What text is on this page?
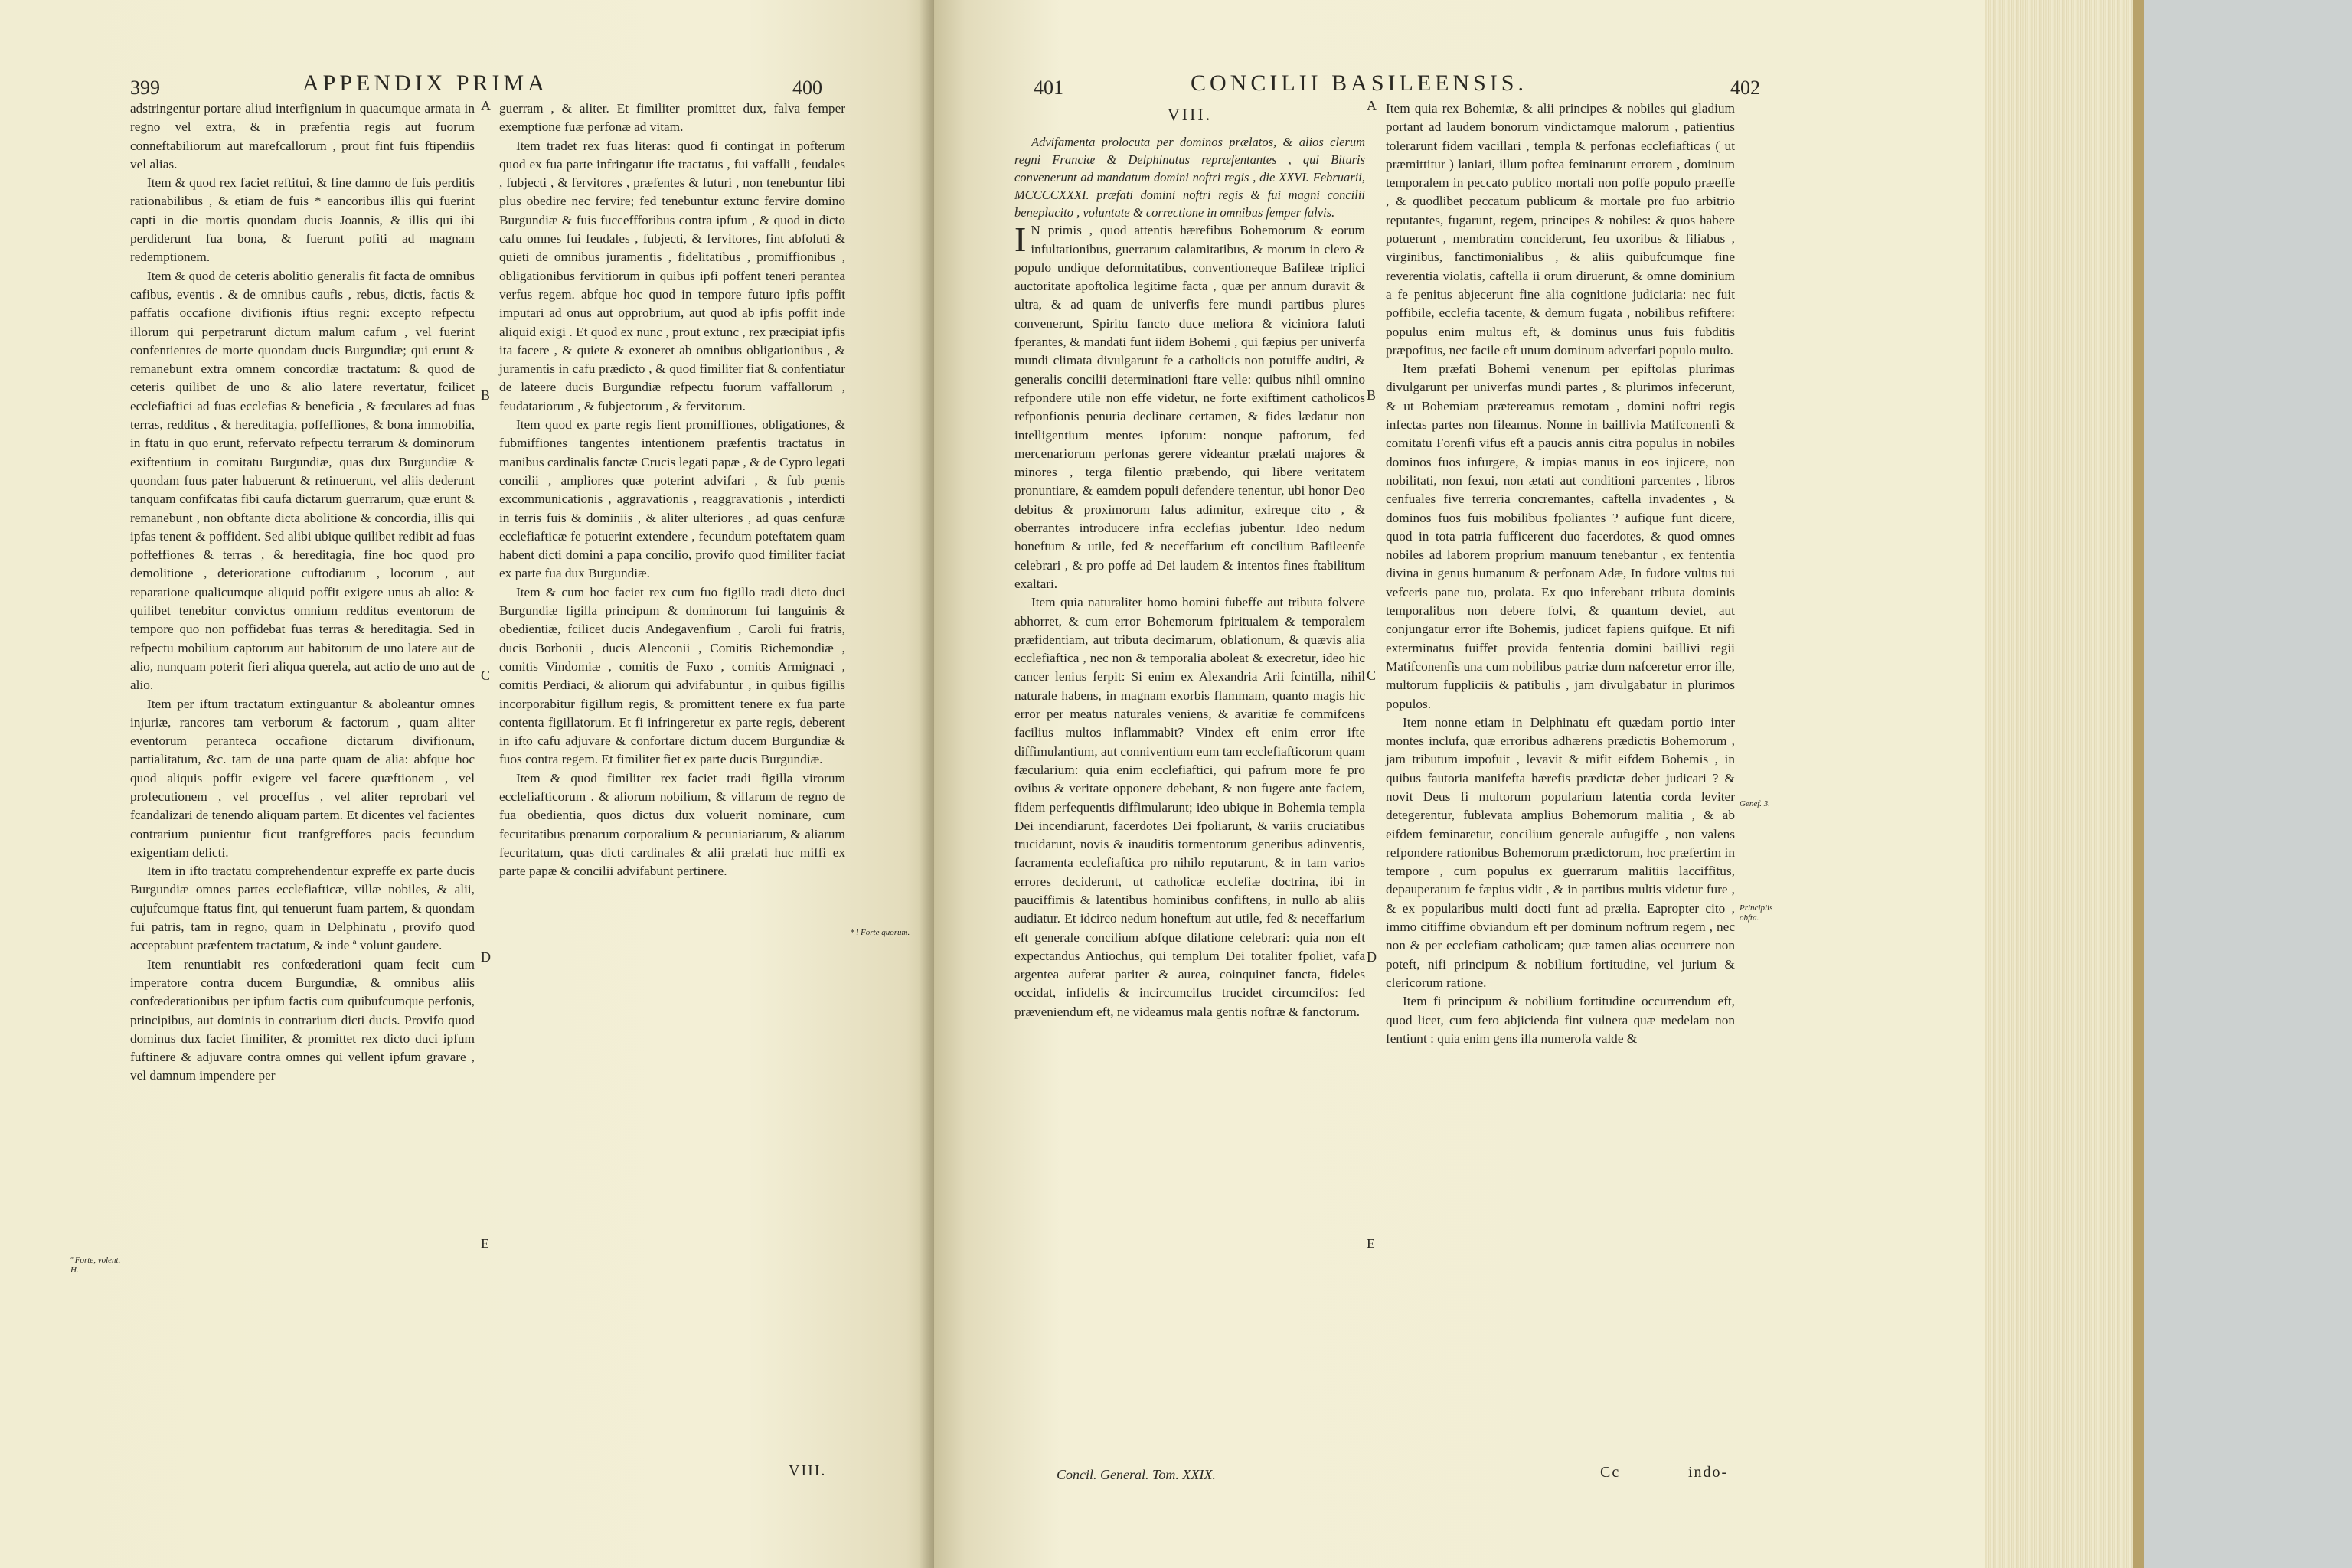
399	APPENDIX PRIMA	400

adstringentur portare aliud interfignium in quacumque armata in regno vel extra, & in præfentia regis aut fuorum conneftabiliorum aut marefcallorum , prout fint fuis ftipendiis vel alias.

Item & quod rex faciet reftitui, & fine damno de fuis perditis rationabilibus , & etiam de fuis * eancoribus illis qui fuerint capti in die mortis quondam ducis Joannis, & illis qui ibi perdiderunt fua bona, & fuerunt pofiti ad magnam redemptionem.

Item & quod de ceteris abolitio generalis fit facta de omnibus cafibus, eventis . & de omnibus caufis , rebus, dictis, factis & paffatis occafione divifionis iftius regni: excepto refpectu illorum qui perpetrarunt dictum malum cafum , vel fuerint confentientes de morte quondam ducis Burgundiæ; qui erunt & remanebunt extra omnem concordiæ tractatum: & quod de ceteris quilibet de uno & alio latere revertatur, fcilicet ecclefiaftici ad fuas ecclefias & beneficia , & fæculares ad fuas terras, redditus , & hereditagia, poffeffiones, & bona immobilia, in ftatu in quo erunt, refervato refpectu terrarum & dominorum exiftentium in comitatu Burgundiæ, quas dux Burgundiæ & quondam fuus pater habuerunt & retinuerunt, vel aliis dederunt tanquam confifcatas fibi caufa dictarum guerrarum, quæ erunt & remanebunt , non obftante dicta abolitione & concordia, illis qui ipfas tenent & poffident. Sed alibi ubique quilibet redibit ad fuas poffeffiones & terras , & hereditagia, fine hoc quod pro demolitione , deterioratione cuftodiarum , locorum , aut reparatione qualicumque aliquid poffit exigere unus ab alio: & quilibet tenebitur convictus omnium redditus eventorum de tempore quo non poffidebat fuas terras & hereditagia. Sed in refpectu mobilium captorum aut habitorum de uno latere aut de alio, nunquam poterit fieri aliqua querela, aut actio de uno aut de alio.

Item per iftum tractatum extinguantur & aboleantur omnes injuriæ, rancores tam verborum & factorum , quam aliter eventorum peranteca occafione dictarum divifionum, partialitatum, &c. tam de una parte quam de alia: abfque hoc quod aliquis poffit exigere vel facere quæftionem , vel profecutionem , vel proceffus , vel aliter reprobari vel fcandalizari de tenendo aliquam partem. Et dicentes vel facientes contrarium punientur ficut tranfgreffores pacis fecundum exigentiam delicti.

Item in ifto tractatu comprehendentur expreffe ex parte ducis Burgundiæ omnes partes ecclefiafticæ, villæ nobiles, & alii, cujufcumque ftatus fint, qui tenuerunt fuam partem, & quondam fui patris, tam in regno, quam in Delphinatu , provifo quod acceptabunt præfentem tractatum, & inde ª volunt gaudere.

Item renuntiabit res confœderationi quam fecit cum imperatore contra ducem Burgundiæ, & omnibus aliis confœderationibus per ipfum factis cum quibufcumque perfonis, principibus, aut dominis in contrarium dicti ducis. Provifo quod dominus dux faciet fimiliter, & promittet rex dicto duci ipfum fuftinere & adjuvare contra omnes qui vellent ipfum gravare , vel damnum impendere per

guerram , & aliter. Et fimiliter promittet dux, falva femper exemptione fuæ perfonæ ad vitam.

Item tradet rex fuas literas: quod fi contingat in pofterum quod ex fua parte infringatur ifte tractatus , fui vaffalli , feudales , fubjecti , & fervitores , præfentes & futuri , non tenebuntur fibi plus obedire nec fervire; fed tenebuntur extunc fervire domino Burgundiæ & fuis fucceffforibus contra ipfum , & quod in dicto cafu omnes fui feudales , fubjecti, & fervitores, fint abfoluti & quieti de omnibus juramentis , fidelitatibus , promiffionibus , obligationibus fervitiorum in quibus ipfi poffent teneri perantea verfus regem. abfque hoc quod in tempore futuro ipfis poffit imputari ad onus aut opprobrium, aut quod ab ipfis poffit inde aliquid exigi . Et quod ex nunc , prout extunc , rex præcipiat ipfis ita facere , & quiete & exoneret ab omnibus obligationibus , & juramentis in cafu prædicto , & quod fimiliter fiat & confentiatur de lateere ducis Burgundiæ refpectu fuorum vaffallorum , feudatariorum , & fubjectorum , & fervitorum.

Item quod ex parte regis fient promiffiones, obligationes, & fubmiffiones tangentes intentionem præfentis tractatus in manibus cardinalis fanctæ Crucis legati papæ , & de Cypro legati concilii , ampliores quæ poterint advifari , & fub pœnis excommunicationis , aggravationis , reaggravationis , interdicti in terris fuis & dominiis , & aliter ulteriores , ad quas cenfuræ ecclefiafticæ fe potuerint extendere , fecundum poteftatem quam habent dicti domini a papa concilio, provifo quod fimiliter faciat ex parte fua dux Burgundiæ.

Item & cum hoc faciet rex cum fuo figillo tradi dicto duci Burgundiæ figilla principum & dominorum fui fanguinis & obedientiæ, fcilicet ducis Andegavenfium , Caroli fui fratris, ducis Borbonii , ducis Alenconii , Comitis Richemondiæ , comitis Vindomiæ , comitis de Fuxo , comitis Armignaci , comitis Perdiaci, & aliorum qui advifabuntur , in quibus figillis incorporabitur figillum regis, & promittent tenere ex fua parte contenta figillatorum. Et fi infringeretur ex parte regis, deberent in ifto cafu adjuvare & confortare dictum ducem Burgundiæ & fuos contra regem. Et fimiliter fiet ex parte ducis Burgundiæ.

Item & quod fimiliter rex faciet tradi figilla virorum ecclefiafticorum . & aliorum nobilium, & villarum de regno de fua obedientia, quos dictus dux voluerit nominare, cum fecuritatibus pœnarum corporalium & pecuniariarum, & aliarum fecuritatum, quas dicti cardinales & alii prælati huc miffi ex parte papæ & concilii advifabunt pertinere.

A
B
C
D
E
ª Forte, volent. H.
* l Forte quorum.
VIII.
401	CONCILII BASILEENSIS.	402
VIII.

Advifamenta prolocuta per dominos prælatos, & alios clerum regni Franciæ & Delphinatus repræfentantes , qui Bituris convenerunt ad mandatum domini noftri regis , die XXVI. Februarii, MCCCCXXXI. præfati domini noftri regis & fui magni concilii beneplacito , voluntate & correctione in omnibus femper falvis.

I N primis , quod attentis hærefibus Bohemorum & eorum infultationibus, guerrarum calamitatibus, & morum in clero & populo undique deformitatibus, conventioneque Bafileæ triplici auctoritate apoftolica legitime facta , quæ per annum duravit & ultra, & ad quam de univerfis fere mundi partibus plures convenerunt, Spiritu fancto duce meliora & viciniora faluti fperantes, & mandati funt iidem Bohemi , qui fæpius per univerfa mundi climata divulgarunt fe a catholicis non potuiffe audiri, & generalis concilii determinationi ftare velle: quibus nihil omnino refpondere utile non effe videtur, ne forte exiftiment catholicos refponfionis penuria declinare certamen, & fides lædatur non intelligentium mentes ipforum: nonque paftorum, fed mercenariorum perfonas gerere videantur prælati majores & minores , terga filentio præbendo, qui libere veritatem pronuntiare, & eamdem populi defendere tenentur, ubi honor Deo debitus & proximorum falus adimitur, exireque cito , & oberrantes introducere infra ecclefias jubentur. Ideo nedum honeftum & utile, fed & neceffarium eft concilium Bafileenfe celebrari , & pro poffe ad Dei laudem & intentos fines ftabilitum exaltari.

Item quia naturaliter homo homini fubeffe aut tributa folvere abhorret, & cum error Bohemorum fpiritualem & temporalem præfidentiam, aut tributa decimarum, oblationum, & quævis alia ecclefiaftica , nec non & temporalia aboleat & execretur, ideo hic cancer lenius ferpit: Si enim ex Alexandria Arii fcintilla, nihil naturale habens, in magnam exorbis flammam, quanto magis hic error per meatus naturales veniens, & avaritiæ fe commifcens facilius multos inflammabit? Vindex eft enim error ifte diffimulantium, aut conniventium eum tam ecclefiafticorum quam fæcularium: quia enim ecclefiaftici, qui pafrum more fe pro ovibus & veritate opponere debebant, & non fugere ante faciem, fidem perfequentis diffimularunt; ideo ubique in Bohemia templa Dei incendiarunt, facerdotes Dei fpoliarunt, & variis cruciatibus trucidarunt, novis & inauditis tormentorum generibus adinventis, facramenta ecclefiaftica pro nihilo reputarunt, & in tam varios errores deciderunt, ut catholicæ ecclefiæ doctrina, ibi in pauciffimis & latentibus hominibus confiftens, in nullo ab aliis audiatur. Et idcirco nedum honeftum aut utile, fed & neceffarium eft generale concilium abfque dilatione celebrari: quia non eft expectandus Antiochus, qui templum Dei totaliter fpoliet, vafa argentea auferat pariter & aurea, coinquinet fancta, fideles occidat, infidelis & incircumcifus trucidet circumcifos: fed præveniendum eft, ne videamus mala gentis noftræ & fanctorum.

Item quia rex Bohemiæ, & alii principes & nobiles qui gladium portant ad laudem bonorum vindictamque malorum , patientius tolerarunt fidem vacillari , templa & perfonas ecclefiafticas ( ut præmittitur ) laniari, illum poftea feminarunt errorem , dominum temporalem in peccato publico mortali non poffe populo præeffe , & quodlibet peccatum publicum & mortale pro fuo arbitrio reputantes, fugarunt, regem, principes & nobiles: & quos habere potuerunt , membratim conciderunt, feu uxoribus & filiabus , virginibus, fanctimonialibus , & aliis quibufcumque fine reverentia violatis, caftella ii orum diruerunt, & omne dominium a fe penitus abjecerunt fine alia cognitione judiciaria: nec fuit poffibile, ecclefia tacente, & demum fugata , nobilibus refiftere: populus enim multus eft, & dominus unus fuis fubditis præpofitus, nec facile eft unum dominum adverfari populo multo.

Item præfati Bohemi venenum per epiftolas plurimas divulgarunt per univerfas mundi partes , & plurimos infecerunt, & ut Bohemiam prætereamus remotam , domini noftri regis infectas partes non fileamus. Nonne in baillivia Matifconenfi & comitatu Forenfi vifus eft a paucis annis citra populus in nobiles dominos fuos infurgere, & impias manus in eos injicere, non nobilitati, non fexui, non ætati aut conditioni parcentes , libros cenfuales five terreria concremantes, caftella invadentes , & dominos fuos fuis mobilibus fpoliantes ? aufique funt dicere, quod in tota patria fufficerent duo facerdotes, & quod omnes nobiles ad laborem proprium manuum tenebantur , ex fententia divina in genus humanum & perfonam Adæ, In fudore vultus tui vefceris pane tuo, prolata. Ex quo inferebant tributa dominis temporalibus non debere folvi, & quantum deviet, aut conjungatur error ifte Bohemis, judicet fapiens quifque. Et nifi exterminatus fuiffet provida fententia domini baillivi regii Matifconenfis una cum nobilibus patriæ dum nafceretur error ille, multorum fuppliciis & patibulis , jam divulgabatur in plurimos populos.

Item nonne etiam in Delphinatu eft quædam portio inter montes inclufa, quæ erroribus adhærens prædictis Bohemorum , jam tributum impofuit , levavit & mifit eifdem Bohemis , in quibus fautoria manifefta hærefis prædictæ debet judicari ? & novit Deus fi multorum popularium latentia corda leviter detegerentur, fublevata amplius Bohemorum malitia , & ab eifdem feminaretur, concilium generale aufugiffe , non valens refpondere rationibus Bohemorum prædictorum, hoc præfertim in tempore , cum populus ex guerrarum malitiis lacciffitus, depauperatum fe fæpius vidit , & in partibus multis videtur fure , & ex popularibus multi docti funt ad prælia. Eapropter cito , immo citiffime obviandum eft per dominum noftrum regem , nec non & per ecclefiam catholicam; quæ tamen alias occurrere non poteft, nifi principum & nobilium fortitudine, vel jurium & clericorum ratione.

Item fi principum & nobilium fortitudine occurrendum eft, quod licet, cum fero abjicienda fint vulnera quæ medelam non fentiunt : quia enim gens illa numerofa valde &

A
B
C
D
E
Genef. 3.
Principiis obfta.
Concil. General. Tom. XXIX.	Cc	indo-
